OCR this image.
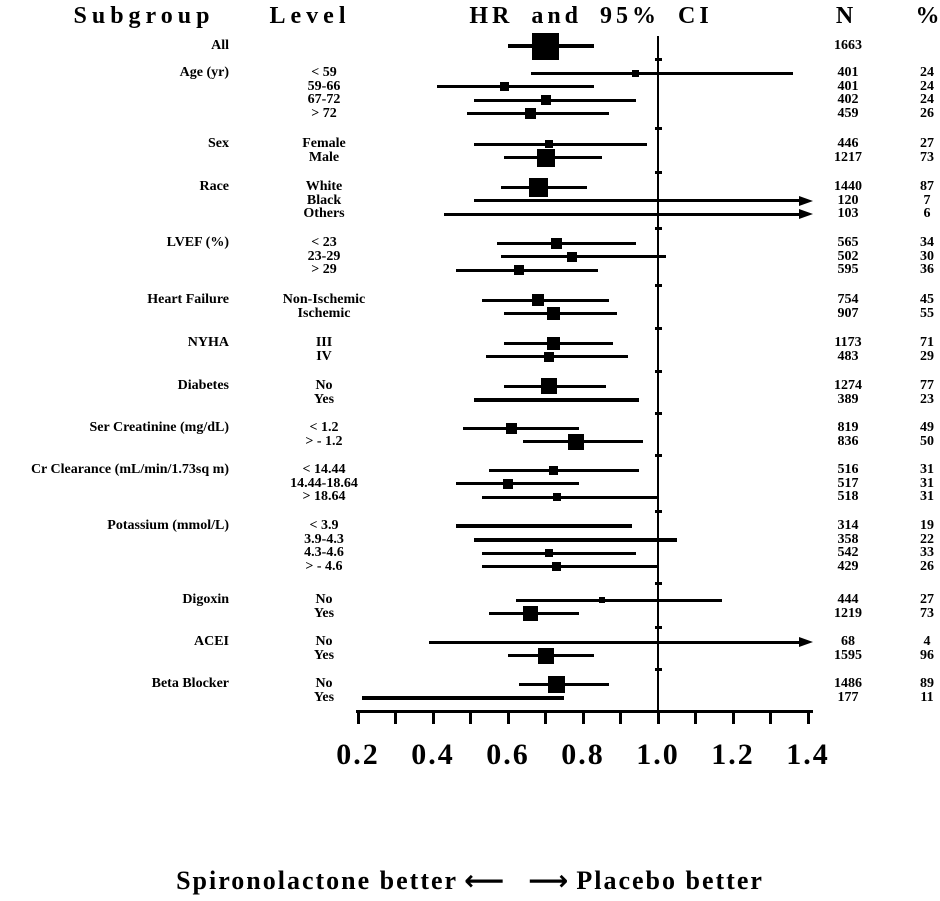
Subgroup	Level	HR and 95% CI	N	%
All	1663
Age (yr)	< 59	401	24
59-66	401	24
67-72	402	24
> 72	459	26
Sex	Female	446	27
Male	1217	73
Race	White	1440	87
Black	120	7
Others	103	6
LVEF (%)	< 23	565	34
23-29	502	30
> 29	595	36
Heart Failure	Non-Ischemic	754	45
Ischemic	907	55
NYHA	III	1173	71
IV	483	29
Diabetes	No	1274	77
Yes	389	23
Ser Creatinine (mg/dL)	< 1.2	819	49
> - 1.2	836	50
Cr Clearance (mL/min/1.73sq m)	< 14.44	516	31
14.44-18.64	517	31
> 18.64	518	31
Potassium (mmol/L)	< 3.9	314	19
3.9-4.3	358	22
4.3-4.6	542	33
> - 4.6	429	26
Digoxin	No	444	27
Yes	1219	73
ACEI	No	68	4
Yes	1595	96
Beta Blocker	No	1486	89
Yes	177	11
0.2	0.4	0.6	0.8	1.0	1.2	1.4
Spironolactone better ⟵ ⟶ Placebo better
